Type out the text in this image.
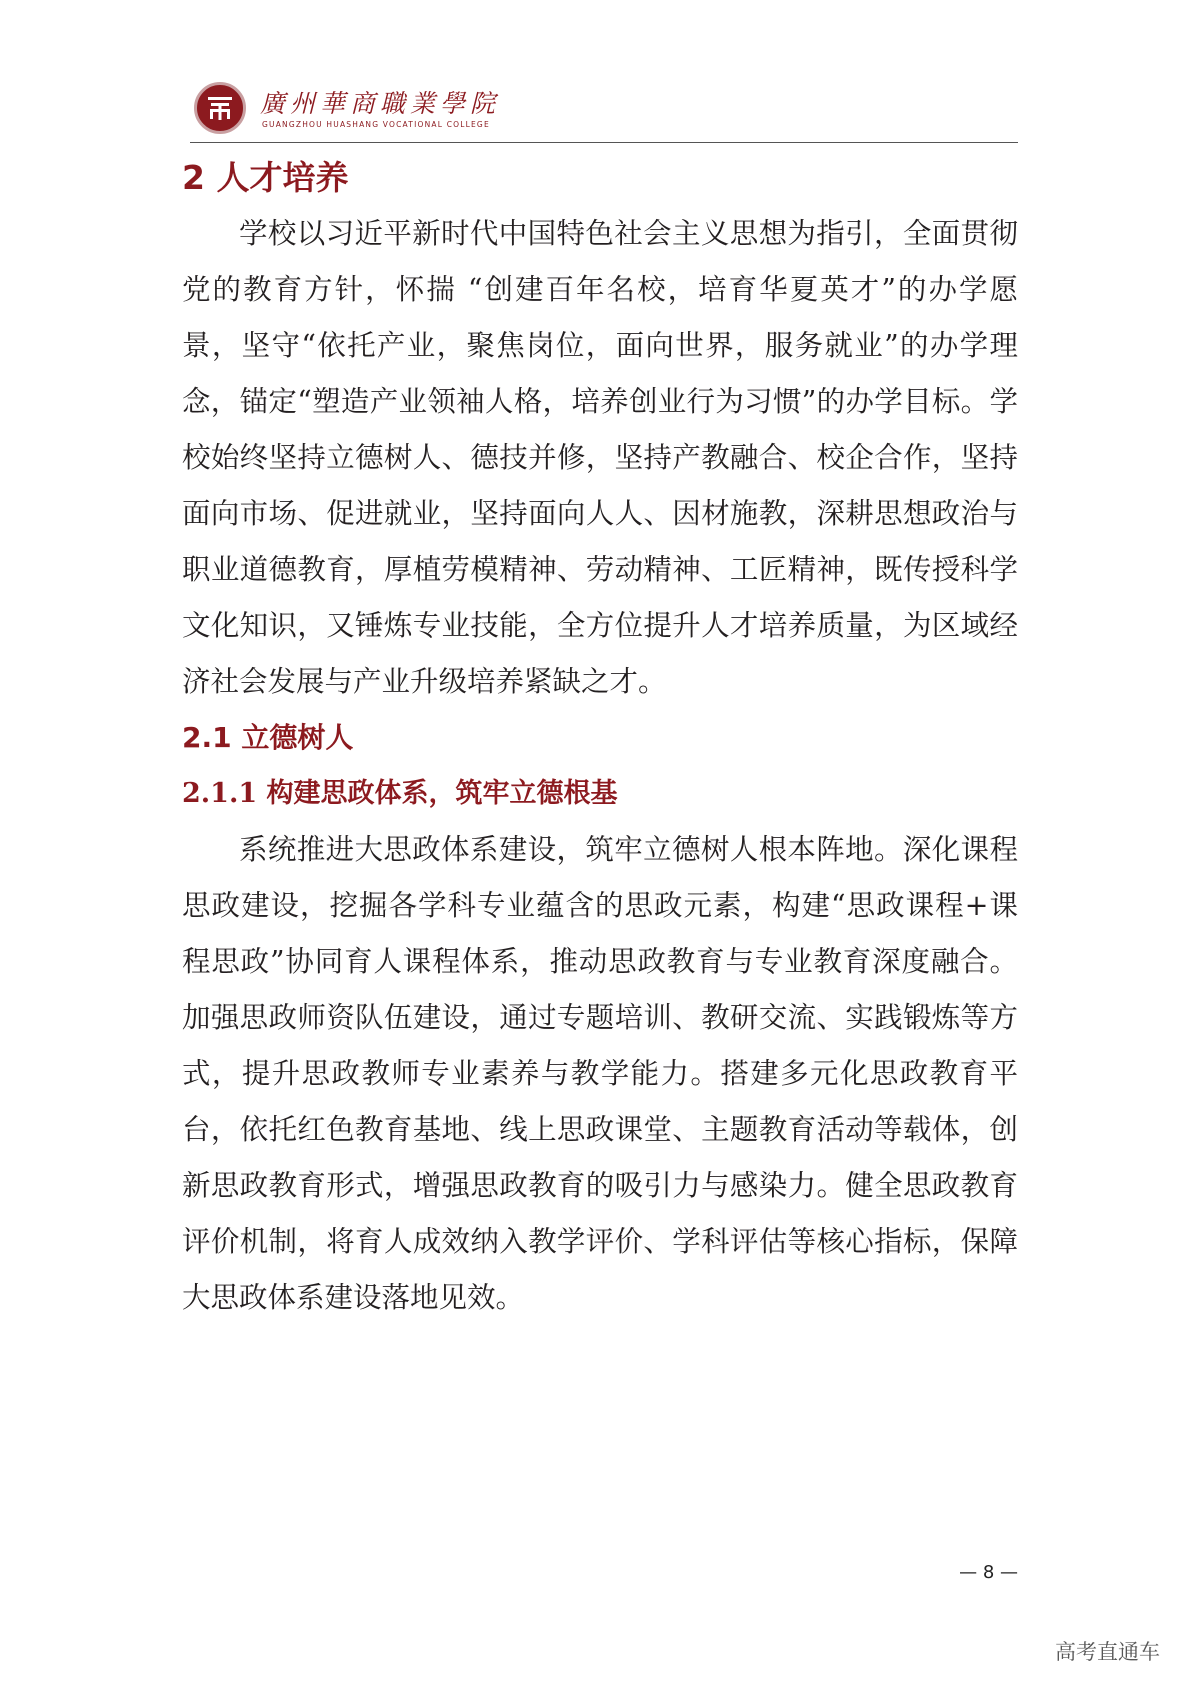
廣州華商職業學院
GUANGZHOU HUASHANG VOCATIONAL COLLEGE
2 人才培养

学校以习近平新时代中国特色社会主义思想为指引，全面贯彻党的教育方针，怀揣 “创建百年名校，培育华夏英才”的办学愿景，坚守“依托产业，聚焦岗位，面向世界，服务就业”的办学理念，锚定“塑造产业领袖人格，培养创业行为习惯”的办学目标。学校始终坚持立德树人、德技并修，坚持产教融合、校企合作，坚持面向市场、促进就业，坚持面向人人、因材施教，深耕思想政治与职业道德教育，厚植劳模精神、劳动精神、工匠精神，既传授科学文化知识，又锤炼专业技能，全方位提升人才培养质量，为区域经济社会发展与产业升级培养紧缺之才。

2.1 立德树人
2.1.1 构建思政体系，筑牢立德根基

系统推进大思政体系建设，筑牢立德树人根本阵地。深化课程思政建设，挖掘各学科专业蕴含的思政元素，构建“思政课程+课程思政”协同育人课程体系，推动思政教育与专业教育深度融合。加强思政师资队伍建设，通过专题培训、教研交流、实践锻炼等方式，提升思政教师专业素养与教学能力。搭建多元化思政教育平台，依托红色教育基地、线上思政课堂、主题教育活动等载体，创新思政教育形式，增强思政教育的吸引力与感染力。健全思政教育评价机制，将育人成效纳入教学评价、学科评估等核心指标，保障大思政体系建设落地见效。

— 8 —
高考直通车
